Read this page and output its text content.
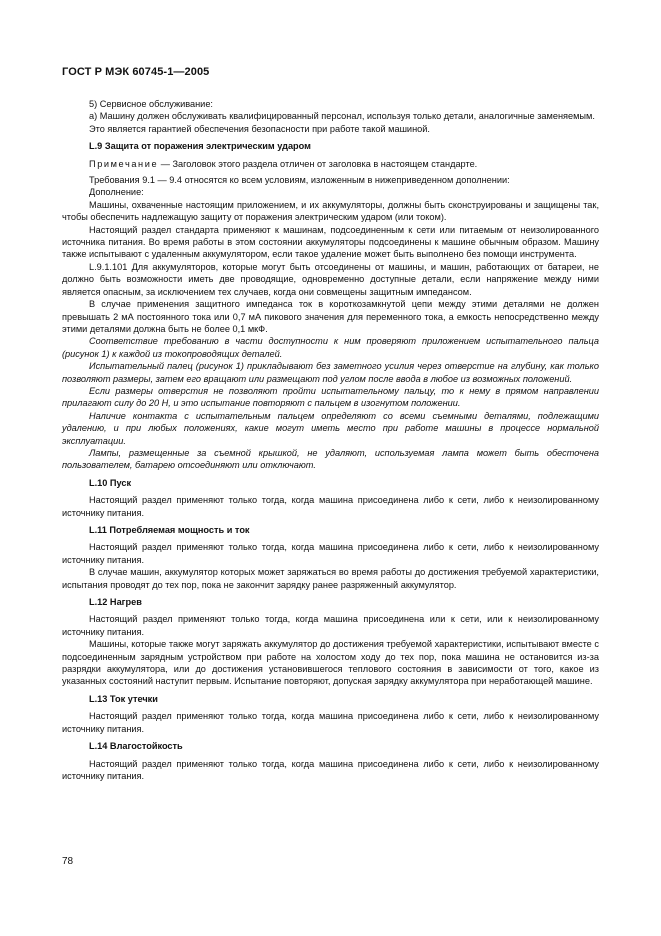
ГОСТ Р МЭК 60745-1—2005

5) Сервисное обслуживание:

а) Машину должен обслуживать квалифицированный персонал, используя только детали, аналогичные заменяемым.

Это является гарантией обеспечения безопасности при работе такой машиной.

L.9 Защита от поражения электрическим ударом

Примечание — Заголовок этого раздела отличен от заголовка в настоящем стандарте.

Требования 9.1 — 9.4 относятся ко всем условиям, изложенным в нижеприведенном дополнении:

Дополнение:

Машины, охваченные настоящим приложением, и их аккумуляторы, должны быть сконструированы и защищены так, чтобы обеспечить надлежащую защиту от поражения электрическим ударом (или током).

Настоящий раздел стандарта применяют к машинам, подсоединенным к сети или питаемым от неизолированного источника питания. Во время работы в этом состоянии аккумуляторы подсоединены к машине обычным образом. Машину также испытывают с удаленным аккумулятором, если такое удаление может быть выполнено без помощи инструмента.

L.9.1.101 Для аккумуляторов, которые могут быть отсоединены от машины, и машин, работающих от батареи, не должно быть возможности иметь две проводящие, одновременно доступные детали, если напряжение между ними является опасным, за исключением тех случаев, когда они совмещены защитным импедансом.

В случае применения защитного импеданса ток в короткозамкнутой цепи между этими деталями не должен превышать 2 мА постоянного тока или 0,7 мА пикового значения для переменного тока, а емкость непосредственно между этими деталями должна быть не более 0,1 мкФ.

Соответствие требованию в части доступности к ним проверяют приложением испытательного пальца (рисунок 1) к каждой из токопроводящих деталей.

Испытательный палец (рисунок 1) прикладывают без заметного усилия через отверстие на глубину, как только позволяют размеры, затем его вращают или размещают под углом после ввода в любое из возможных положений.

Если размеры отверстия не позволяют пройти испытательному пальцу, то к нему в прямом направлении прилагают силу до 20 Н, и это испытание повторяют с пальцем в изогнутом положении.

Наличие контакта с испытательным пальцем определяют со всеми съемными деталями, подлежащими удалению, и при любых положениях, какие могут иметь место при работе машины в процессе нормальной эксплуатации.

Лампы, размещенные за съемной крышкой, не удаляют, используемая лампа может быть обесточена пользователем, батарею отсоединяют или отключают.

L.10 Пуск

Настоящий раздел применяют только тогда, когда машина присоединена либо к сети, либо к неизолированному источнику питания.

L.11 Потребляемая мощность и ток

Настоящий раздел применяют только тогда, когда машина присоединена либо к сети, либо к неизолированному источнику питания.

В случае машин, аккумулятор которых может заряжаться во время работы до достижения требуемой характеристики, испытания проводят до тех пор, пока не закончит зарядку ранее разряженный аккумулятор.

L.12 Нагрев

Настоящий раздел применяют только тогда, когда машина присоединена или к сети, или к неизолированному источнику питания.

Машины, которые также могут заряжать аккумулятор до достижения требуемой характеристики, испытывают вместе с подсоединенным зарядным устройством при работе на холостом ходу до тех пор, пока машина не остановится из-за разрядки аккумулятора, или до достижения установившегося теплового состояния в зависимости от того, какое из указанных состояний наступит первым. Испытание повторяют, допуская зарядку аккумулятора при неработающей машине.

L.13 Ток утечки

Настоящий раздел применяют только тогда, когда машина присоединена либо к сети, либо к неизолированному источнику питания.

L.14 Влагостойкость

Настоящий раздел применяют только тогда, когда машина присоединена либо к сети, либо к неизолированному источнику питания.

78
